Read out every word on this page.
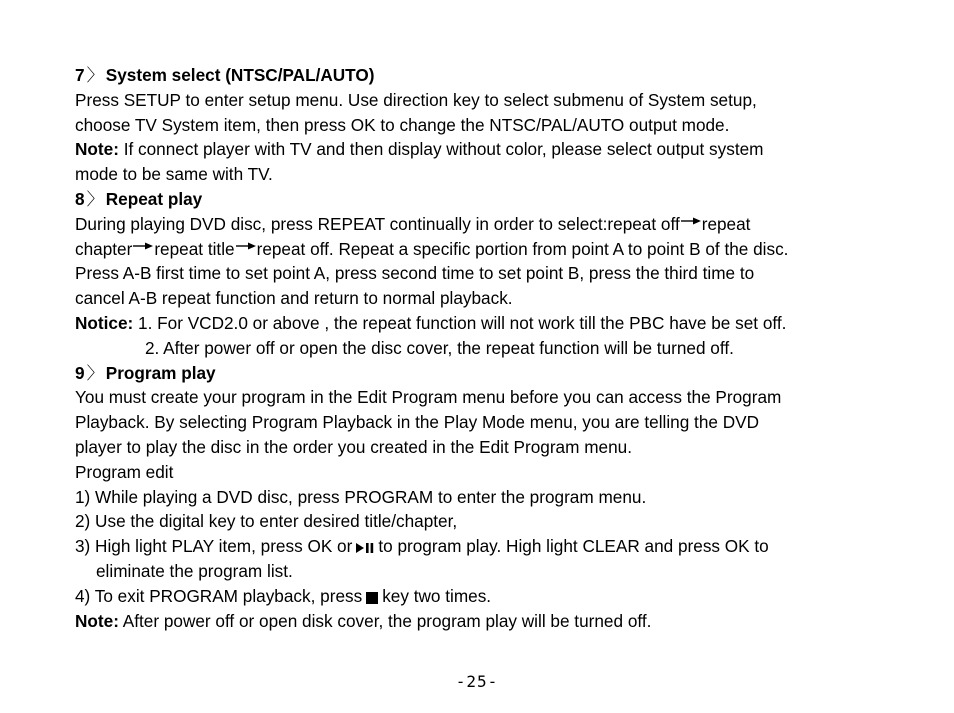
7 〉 System select (NTSC/PAL/AUTO)
Press SETUP to enter setup menu. Use direction key to select submenu of System setup,
choose TV System item, then press OK to change the NTSC/PAL/AUTO output mode.
Note: If connect player with TV and then display without color, please select output system
mode to be same with TV.
8 〉 Repeat play
During playing DVD disc, press REPEAT continually in order to select:repeat off repeat
chapter repeat title repeat off. Repeat a specific portion from point A to point B of the disc.
Press A-B first time to set point A, press second time to set point B, press the third time to
cancel A-B repeat function and return to normal playback.
Notice: 1. For VCD2.0 or above , the repeat function will not work till the PBC have be set off.
2. After power off or open the disc cover, the repeat function will be turned off.
9 〉 Program play
You must create your program in the Edit Program menu before you can access the Program
Playback. By selecting Program Playback in the Play Mode menu, you are telling the DVD
player to play the disc in the order you created in the Edit Program menu.
Program edit
1) While playing a DVD disc, press PROGRAM to enter the program menu.
2) Use the digital key to enter desired title/chapter,
3) High light PLAY item, press OK or to program play. High light CLEAR and press OK to
eliminate the program list.
4) To exit PROGRAM playback, press key two times.
Note: After power off or open disk cover, the program play will be turned off.
-25-
